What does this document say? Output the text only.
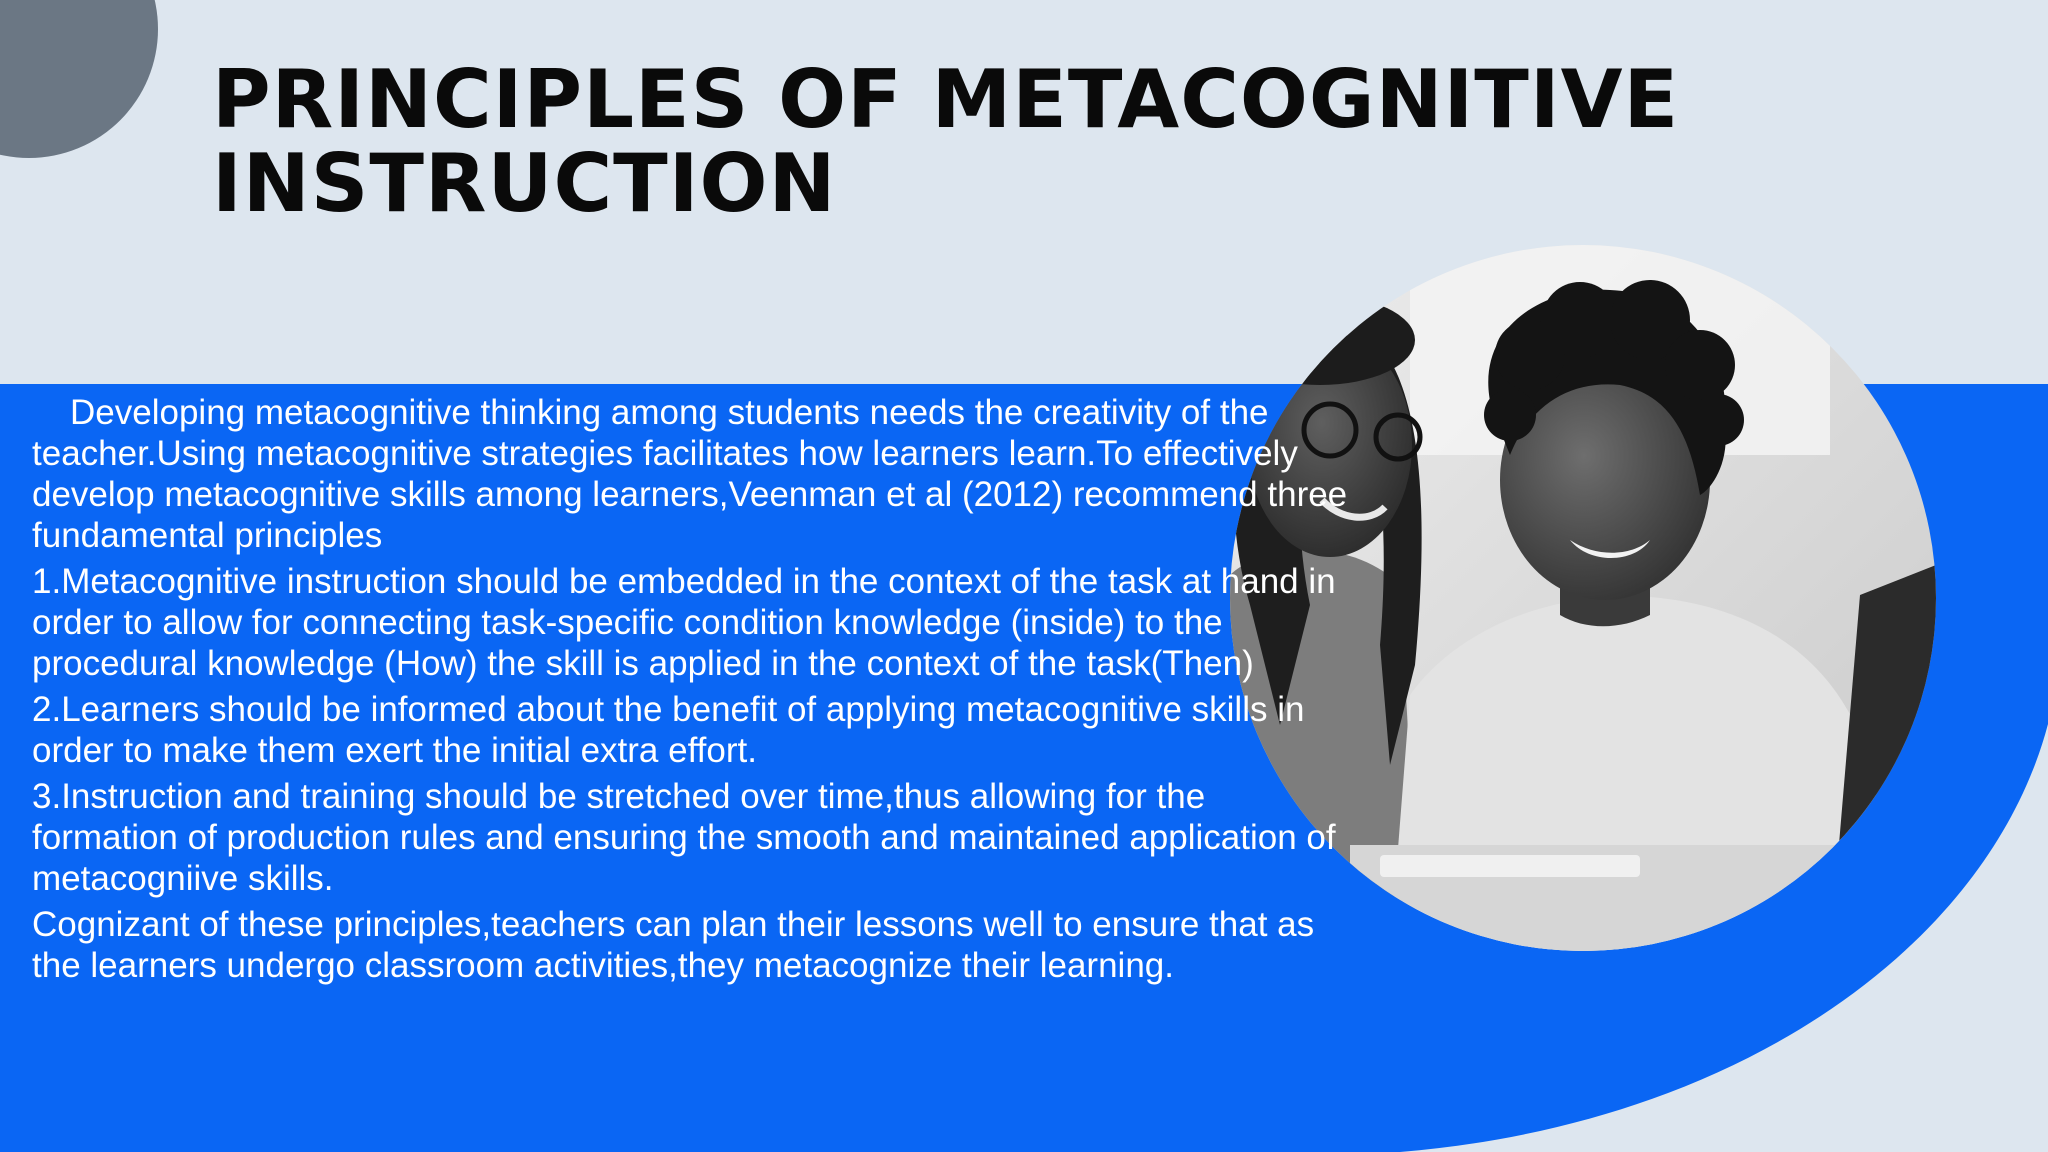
PRINCIPLES OF METACOGNITIVE INSTRUCTION

Developing metacognitive thinking among students needs the creativity of the teacher.Using metacognitive strategies facilitates how learners learn.To effectively develop metacognitive skills among learners,Veenman et al (2012) recommend three fundamental principles

1.Metacognitive instruction should be embedded in the context of the task at hand in order to allow for connecting task-specific condition knowledge (inside) to the procedural knowledge (How) the skill is applied in the context of the task(Then)

2.Learners should be informed about the benefit of applying metacognitive skills in order to make them exert the initial extra effort.

3.Instruction and training should be stretched over time,thus allowing for the formation of production rules and ensuring the smooth and maintained application of metacogniive skills.

Cognizant of these principles,teachers can plan their lessons well to ensure that as the learners undergo classroom activities,they metacognize their learning.
